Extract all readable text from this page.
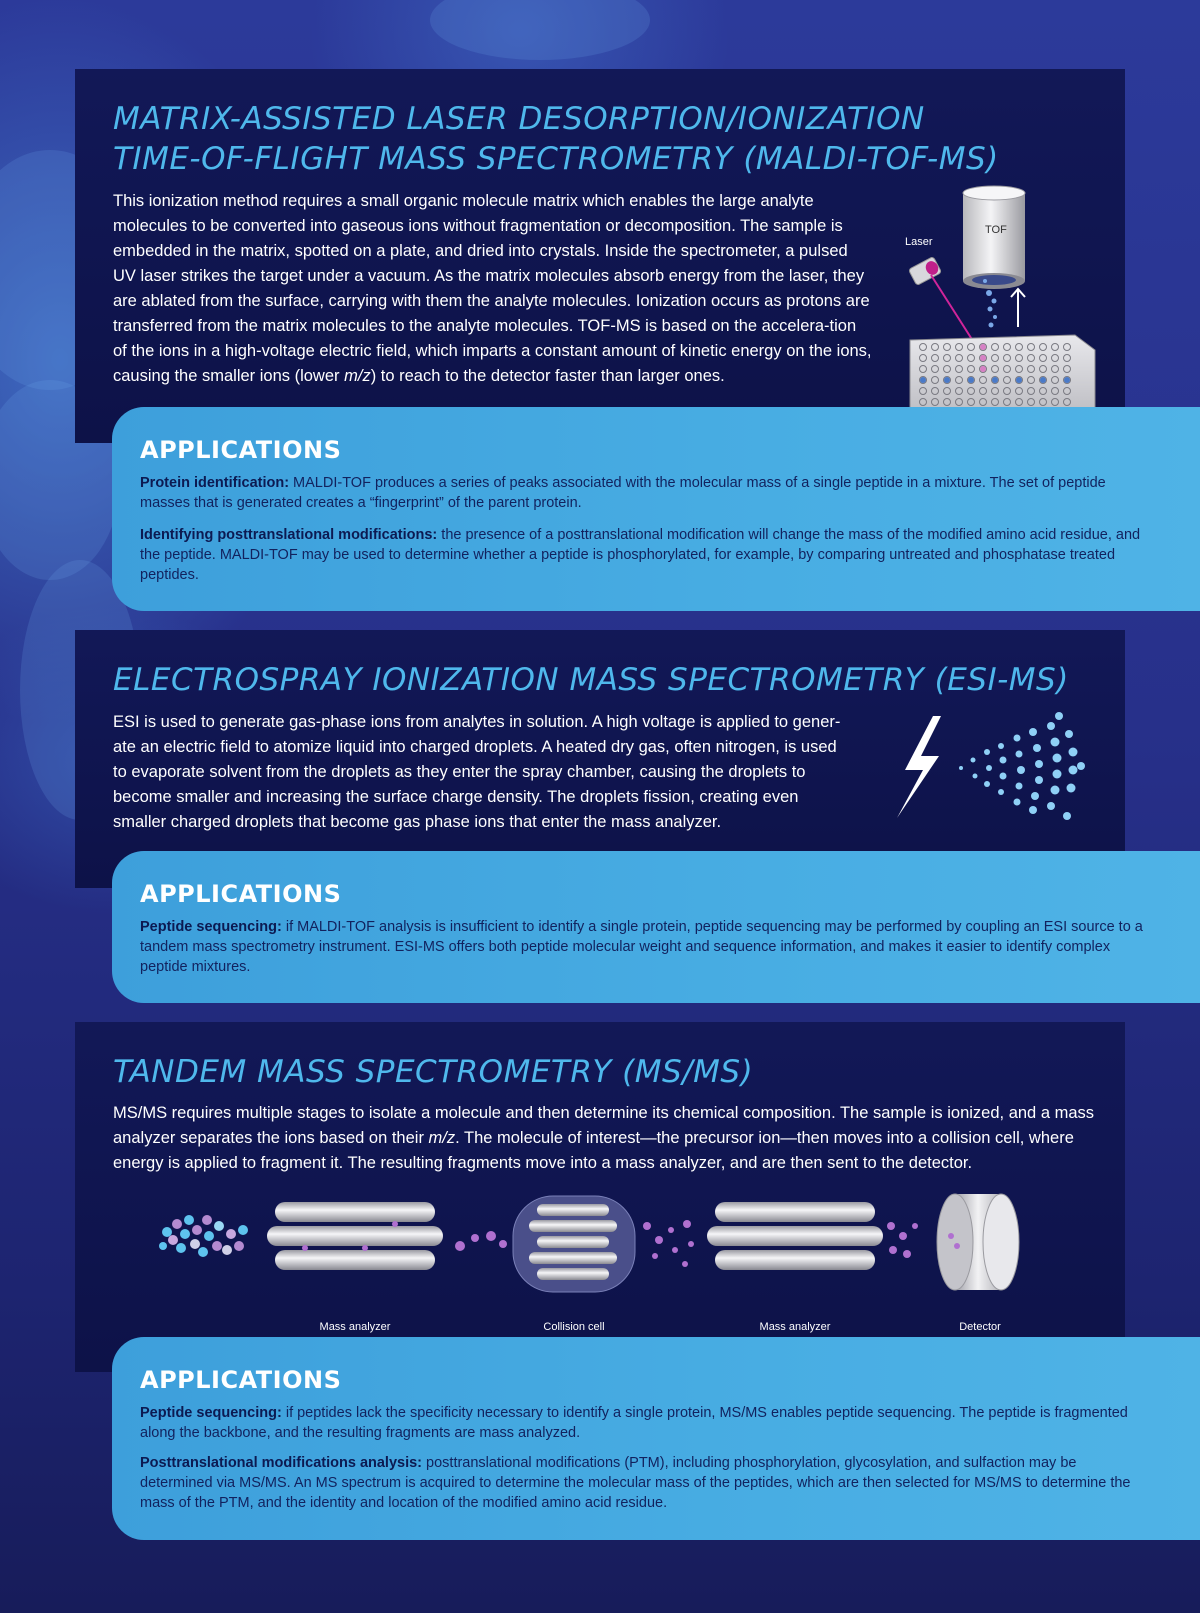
MATRIX-ASSISTED LASER DESORPTION/IONIZATION
TIME-OF-FLIGHT MASS SPECTROMETRY (MALDI-TOF-MS)

This ionization method requires a small organic molecule matrix which enables the large analyte molecules to be converted into gaseous ions without fragmentation or decomposition. The sample is embedded in the matrix, spotted on a plate, and dried into crystals. Inside the spectrometer, a pulsed UV laser strikes the target under a vacuum. As the matrix molecules absorb energy from the laser, they are ablated from the surface, carrying with them the analyte molecules. Ionization occurs as protons are transferred from the matrix molecules to the analyte molecules. TOF-MS is based on the accelera-tion of the ions in a high-voltage electric field, which imparts a constant amount of kinetic energy on the ions, causing the smaller ions (lower m/z) to reach to the detector faster than larger ones.

TOF
Laser
APPLICATIONS

Protein identification: MALDI-TOF produces a series of peaks associated with the molecular mass of a single peptide in a mixture. The set of peptide masses that is generated creates a “fingerprint” of the parent protein.

Identifying posttranslational modifications: the presence of a posttranslational modification will change the mass of the modified amino acid residue, and the peptide. MALDI-TOF may be used to determine whether a peptide is phosphorylated, for example, by comparing untreated and phosphatase treated peptides.

ELECTROSPRAY IONIZATION MASS SPECTROMETRY (ESI-MS)

ESI is used to generate gas-phase ions from analytes in solution. A high voltage is applied to gener-ate an electric field to atomize liquid into charged droplets. A heated dry gas, often nitrogen, is used to evaporate solvent from the droplets as they enter the spray chamber, causing the droplets to become smaller and increasing the surface charge density. The droplets fission, creating even smaller charged droplets that become gas phase ions that enter the mass analyzer.

APPLICATIONS

Peptide sequencing: if MALDI-TOF analysis is insufficient to identify a single protein, peptide sequencing may be performed by coupling an ESI source to a tandem mass spectrometry instrument. ESI-MS offers both peptide molecular weight and sequence information, and makes it easier to identify complex peptide mixtures.

TANDEM MASS SPECTROMETRY (MS/MS)

MS/MS requires multiple stages to isolate a molecule and then determine its chemical composition. The sample is ionized, and a mass analyzer separates the ions based on their m/z. The molecule of interest—the precursor ion—then moves into a collision cell, where energy is applied to fragment it. The resulting fragments move into a mass analyzer, and are then sent to the detector.

Mass analyzer	Collision cell	Mass analyzer	Detector
APPLICATIONS

Peptide sequencing: if peptides lack the specificity necessary to identify a single protein, MS/MS enables peptide sequencing. The peptide is fragmented along the backbone, and the resulting fragments are mass analyzed.

Posttranslational modifications analysis: posttranslational modifications (PTM), including phosphorylation, glycosylation, and sulfaction may be determined via MS/MS. An MS spectrum is acquired to determine the molecular mass of the peptides, which are then selected for MS/MS to determine the mass of the PTM, and the identity and location of the modified amino acid residue.
